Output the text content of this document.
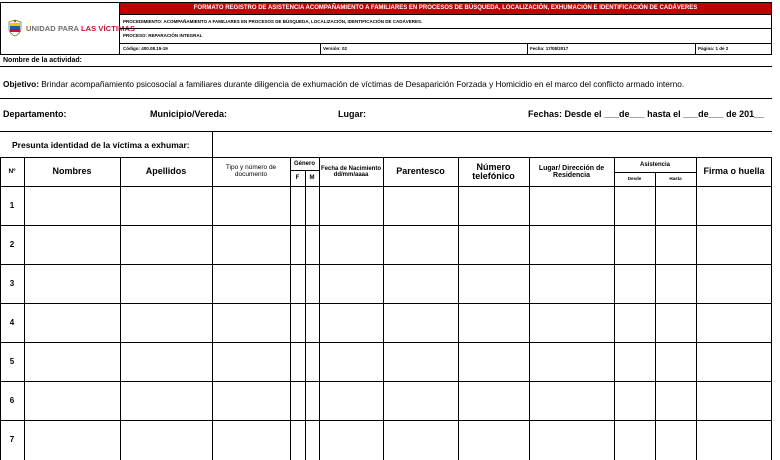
UNIDAD PARA LAS VÍCTIMAS
FORMATO REGISTRO DE ASISTENCIA ACOMPAÑAMIENTO A FAMILIARES EN PROCESOS DE BÚSQUEDA, LOCALIZACIÓN, EXHUMACIÓN E IDENTIFICACIÓN DE CADÁVERES
PROCEDIMIENTO: ACOMPAÑAMIENTO A FAMILIARES EN PROCESOS DE BÚSQUEDA, LOCALIZACIÓN, IDENTIFICACIÓN DE CADÁVERES.
PROCESO: REPARACIÓN INTEGRAL
Código: 400.08.15-19	Versión: 02	Fecha: 17/08/2017	Página: 1 de 2
Nombre de la actividad:
Objetivo: Brindar acompañamiento psicosocial a familiares durante diligencia de exhumación de víctimas de Desaparición Forzada y Homicidio en el marco del conflicto armado interno.
Departamento:	Municipio/Vereda:	Lugar:	Fechas: Desde el ___de___ hasta el ___de___ de 201__
Presunta identidad de la víctima a exhumar:
Nº	Nombres	Apellidos	Tipo y número de documento
Género
F	M
Fecha de Nacimiento dd/mm/aaaa	Parentesco	Número telefónico
Lugar/ Dirección de Residencia
Asistencia
Desde	Hasta
Firma o huella
1
2
3
4
5
6
7
